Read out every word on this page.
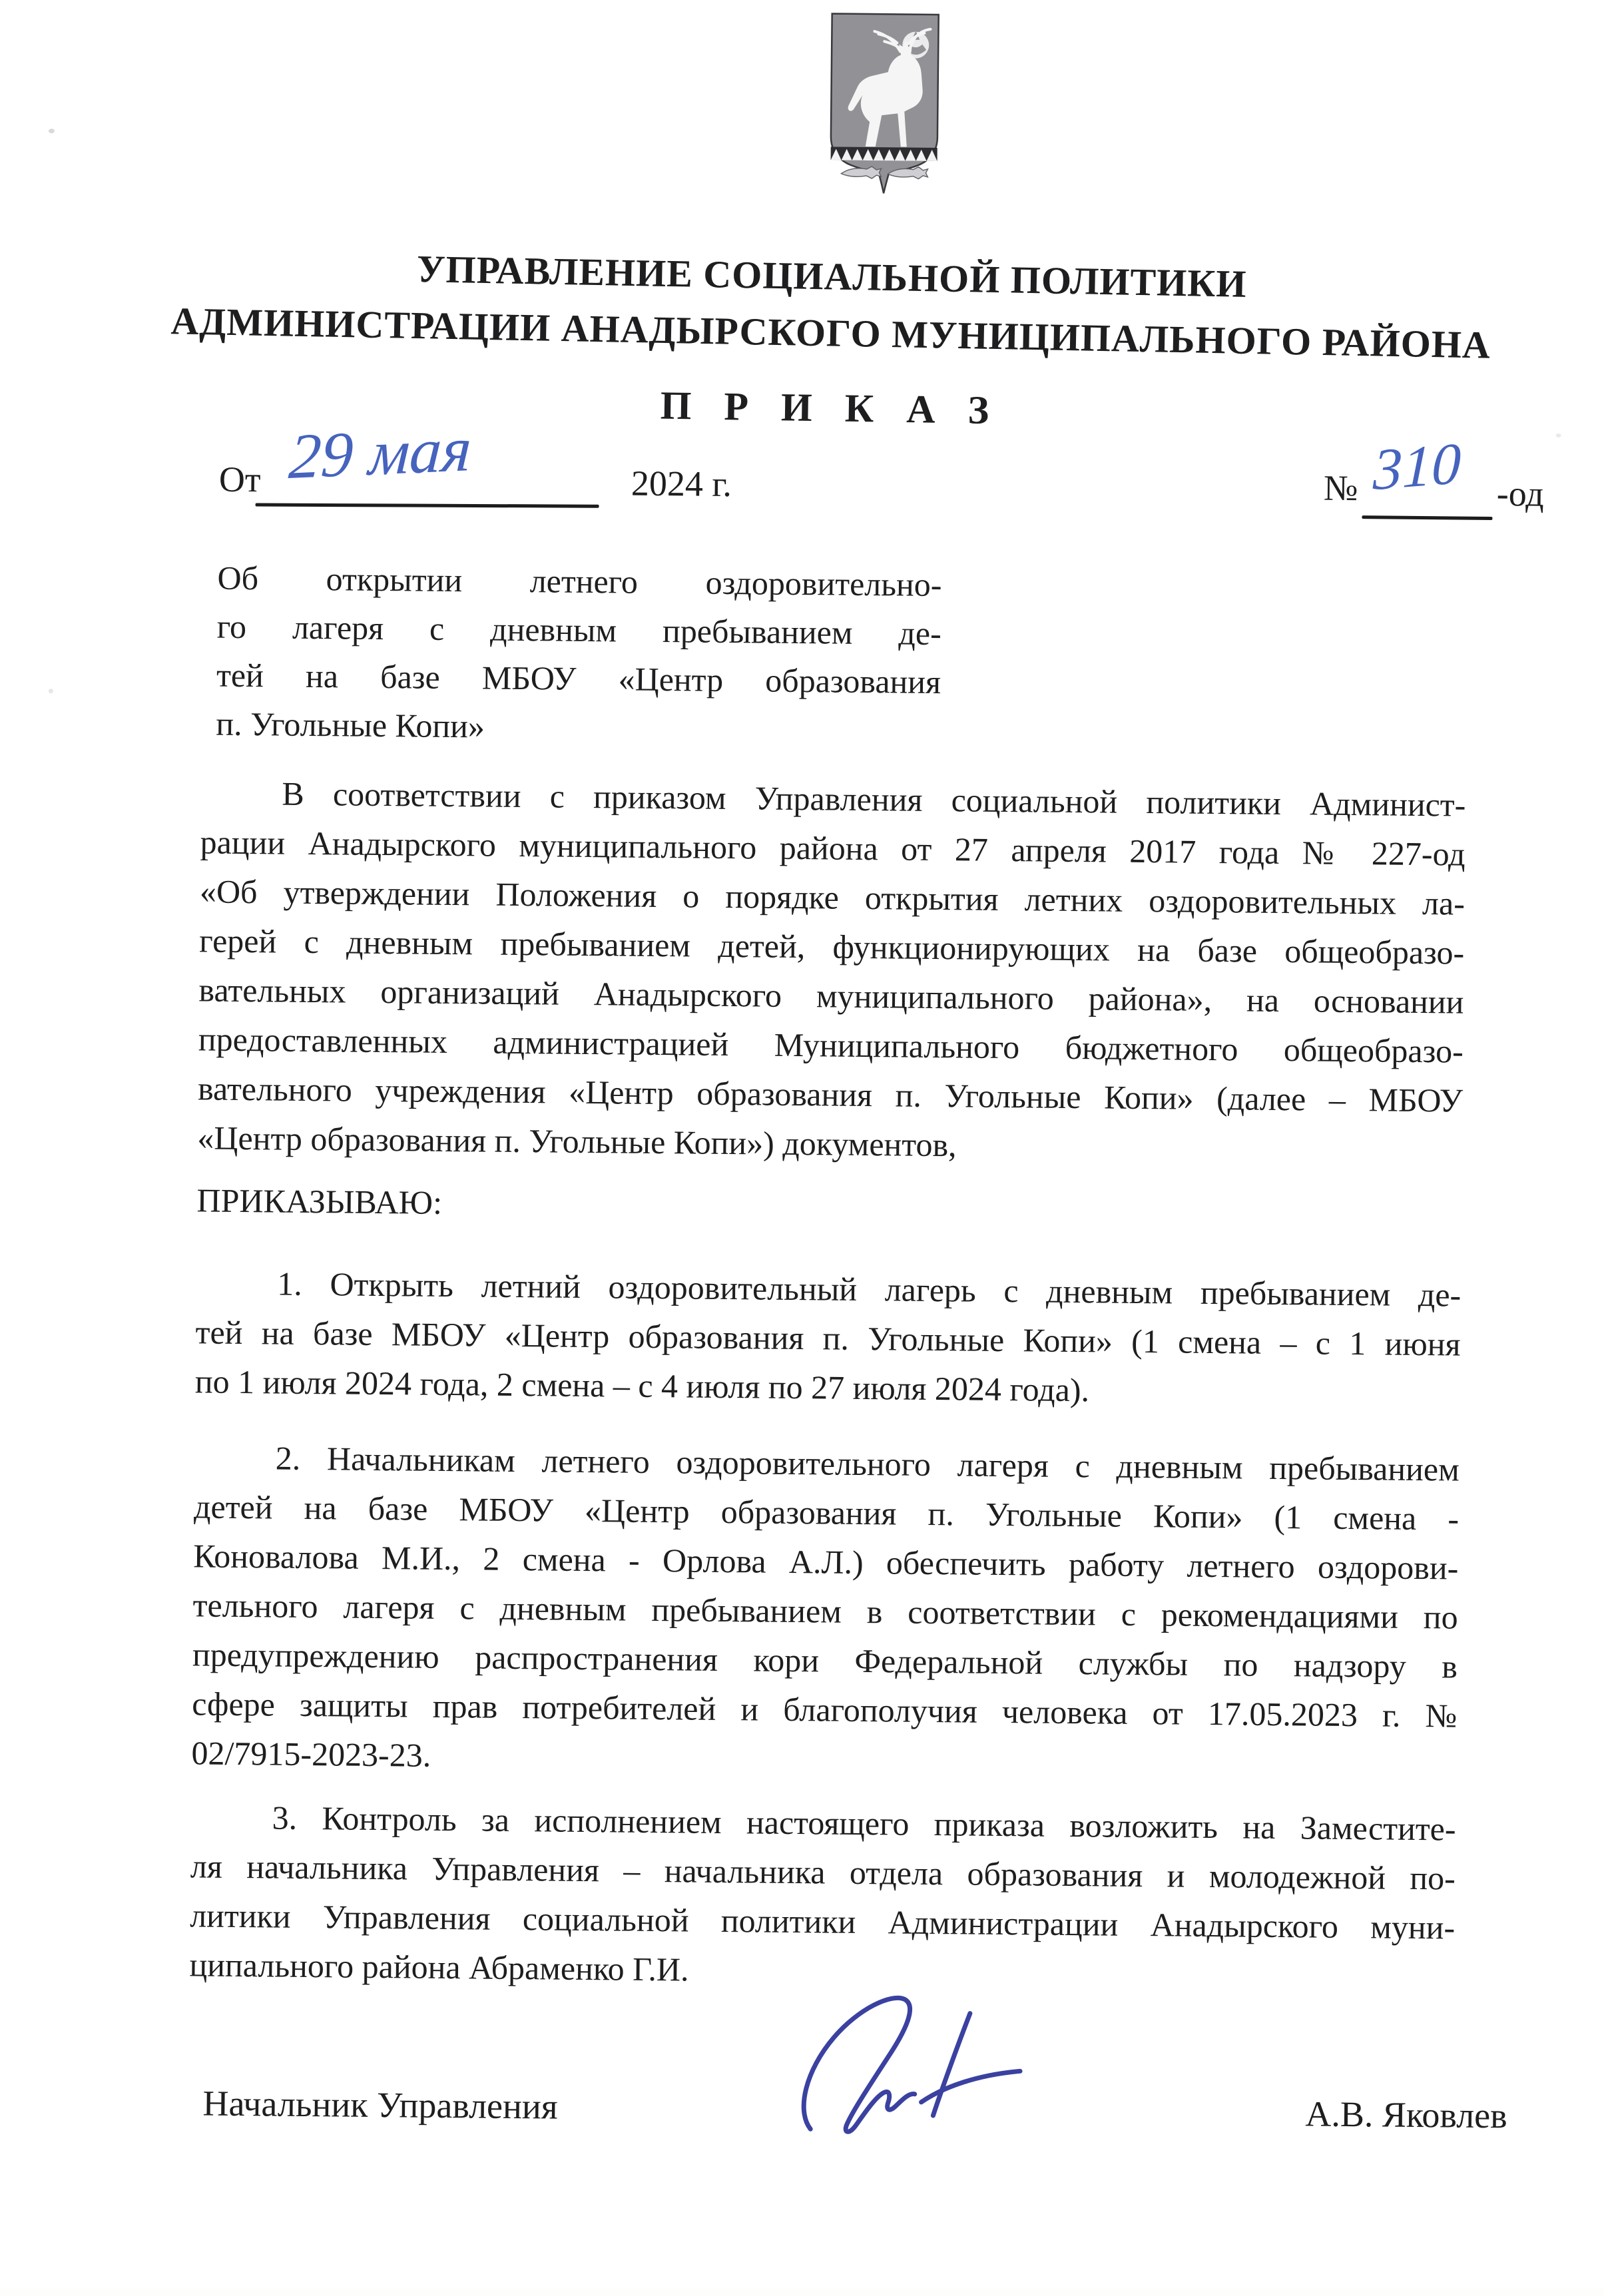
УПРАВЛЕНИЕ СОЦИАЛЬНОЙ ПОЛИТИКИ
АДМИНИСТРАЦИИ АНАДЫРСКОГО МУНИЦИПАЛЬНОГО РАЙОНА
П Р И К А З
От 29 мая	2024 г.	№ 310 -од
Об открытии летнего оздоровительно-
го лагеря с дневным пребыванием де-
тей на базе МБОУ «Центр образования
п. Угольные Копи»
В соответствии с приказом Управления социальной политики Админист-
рации Анадырского муниципального района от 27 апреля 2017 года № 227-од
«Об утверждении Положения о порядке открытия летних оздоровительных ла-
герей с дневным пребыванием детей, функционирующих на базе общеобразо-
вательных организаций Анадырского муниципального района», на основании
предоставленных администрацией Муниципального бюджетного общеобразо-
вательного учреждения «Центр образования п. Угольные Копи» (далее – МБОУ
«Центр образования п. Угольные Копи») документов,
ПРИКАЗЫВАЮ:
1. Открыть летний оздоровительный лагерь с дневным пребыванием де-
тей на базе МБОУ «Центр образования п. Угольные Копи» (1 смена – с 1 июня
по 1 июля 2024 года, 2 смена – с 4 июля по 27 июля 2024 года).
2. Начальникам летнего оздоровительного лагеря с дневным пребыванием
детей на базе МБОУ «Центр образования п. Угольные Копи» (1 смена -
Коновалова М.И., 2 смена - Орлова А.Л.) обеспечить работу летнего оздорови-
тельного лагеря с дневным пребыванием в соответствии с рекомендациями по
предупреждению распространения кори Федеральной службы по надзору в
сфере защиты прав потребителей и благополучия человека от 17.05.2023 г. №
02/7915-2023-23.
3. Контроль за исполнением настоящего приказа возложить на Заместите-
ля начальника Управления – начальника отдела образования и молодежной по-
литики Управления социальной политики Администрации Анадырского муни-
ципального района Абраменко Г.И.
Начальник Управления	А.В. Яковлев
